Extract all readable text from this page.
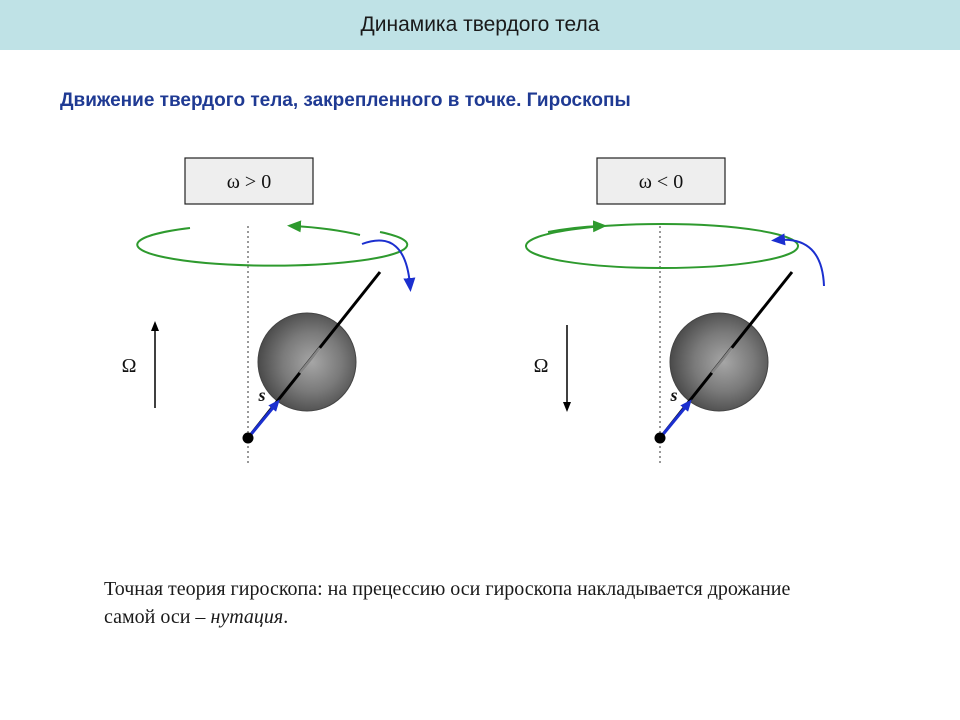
Динамика твердого тела
Движение твердого тела, закрепленного в точке. Гироскопы
ω > 0
Ω
s
ω < 0
Ω
s
Точная теория гироскопа: на прецессию оси гироскопа накладывается дрожание самой оси – нутация.
